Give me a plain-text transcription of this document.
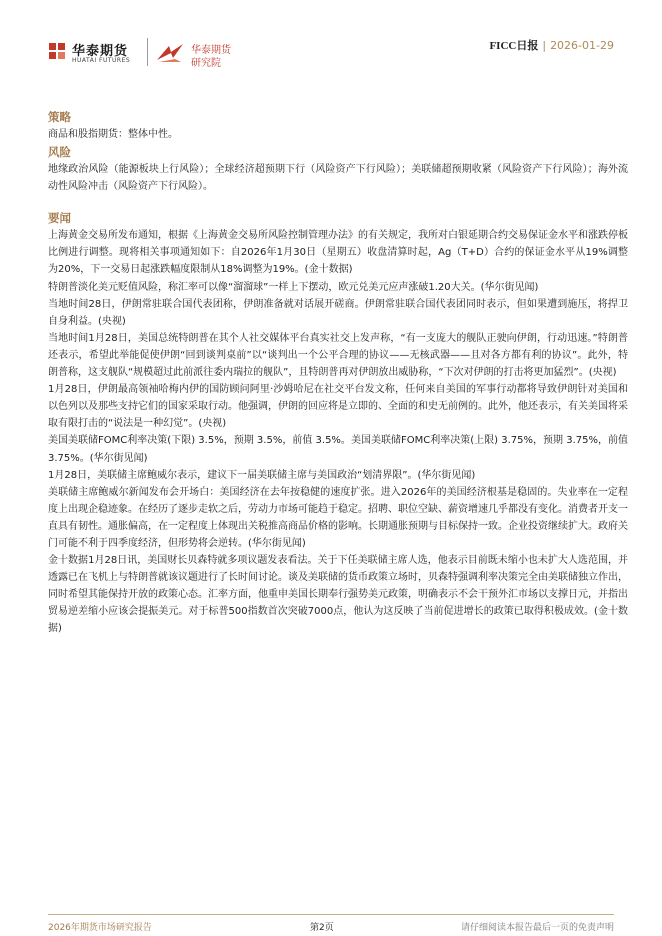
华泰期货
HUATAI FUTURES
华泰期货
研究院
FICC日报 | 2026-01-29
策略

商品和股指期货：整体中性。

风险

地缘政治风险（能源板块上行风险）；全球经济超预期下行（风险资产下行风险）；美联储超预期收紧（风险资产下行风险）；海外流动性风险冲击（风险资产下行风险）。

要闻

上海黄金交易所发布通知，根据《上海黄金交易所风险控制管理办法》的有关规定，我所对白银延期合约交易保证金水平和涨跌停板比例进行调整。现将相关事项通知如下：自2026年1月30日（星期五）收盘清算时起，Ag（T+D）合约的保证金水平从19%调整为20%，下一交易日起涨跌幅度限制从18%调整为19%。(金十数据)

特朗普淡化美元贬值风险，称汇率可以像“溜溜球”一样上下摆动，欧元兑美元应声涨破1.20大关。(华尔街见闻)

当地时间28日，伊朗常驻联合国代表团称，伊朗准备就对话展开磋商。伊朗常驻联合国代表团同时表示，但如果遭到施压，将捍卫自身利益。(央视)

当地时间1月28日，美国总统特朗普在其个人社交媒体平台真实社交上发声称，“有一支庞大的舰队正驶向伊朗，行动迅速。”特朗普还表示，希望此举能促使伊朗“回到谈判桌前”以“谈判出一个公平合理的协议——无核武器——且对各方都有利的协议”。此外，特朗普称，这支舰队“规模超过此前派往委内瑞拉的舰队”，且特朗普再对伊朗放出威胁称，“下次对伊朗的打击将更加猛烈”。(央视)

1月28日，伊朗最高领袖哈梅内伊的国防顾问阿里·沙姆哈尼在社交平台发文称，任何来自美国的军事行动都将导致伊朗针对美国和以色列以及那些支持它们的国家采取行动。他强调，伊朗的回应将是立即的、全面的和史无前例的。此外，他还表示，有关美国将采取有限打击的“说法是一种幻觉”。(央视)

美国美联储FOMC利率决策(下限) 3.5%，预期 3.5%，前值 3.5%。美国美联储FOMC利率决策(上限) 3.75%，预期 3.75%，前值 3.75%。(华尔街见闻)

1月28日，美联储主席鲍威尔表示，建议下一届美联储主席与美国政治“划清界限”。(华尔街见闻)

美联储主席鲍威尔新闻发布会开场白：美国经济在去年按稳健的速度扩张。进入2026年的美国经济根基是稳固的。失业率在一定程度上出现企稳迹象。在经历了逐步走软之后，劳动力市场可能趋于稳定。招聘、职位空缺、薪资增速几乎都没有变化。消费者开支一直具有韧性。通胀偏高，在一定程度上体现出关税推高商品价格的影响。长期通胀预期与目标保持一致。企业投资继续扩大。政府关门可能不利于四季度经济，但形势将会逆转。(华尔街见闻)

金十数据1月28日讯，美国财长贝森特就多项议题发表看法。关于下任美联储主席人选，他表示目前既未缩小也未扩大人选范围，并透露已在飞机上与特朗普就该议题进行了长时间讨论。谈及美联储的货币政策立场时，贝森特强调利率决策完全由美联储独立作出，同时希望其能保持开放的政策心态。汇率方面，他重申美国长期奉行强势美元政策，明确表示不会干预外汇市场以支撑日元，并指出贸易逆差缩小应该会提振美元。对于标普500指数首次突破7000点，他认为这反映了当前促进增长的政策已取得积极成效。(金十数据)

2026年期货市场研究报告	第2页	请仔细阅读本报告最后一页的免责声明
